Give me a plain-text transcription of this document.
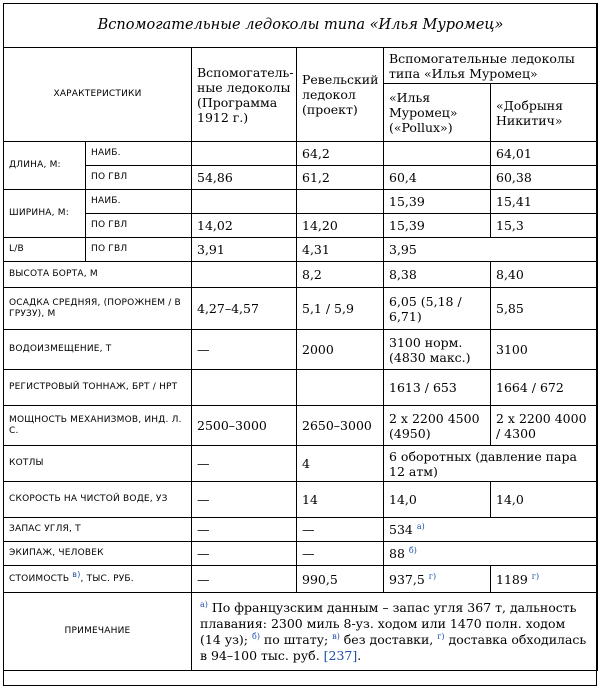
Вспомогательные ледоколы типа «Илья Муромец»					
ХАРАКТЕРИСТИКИ		Вспомогатель-ные ледоколы (Программа 1912 г.)	Ревельский ледокол (проект)	Вспомогательные ледоколы типа «Илья Муромец»	
				«Илья Муромец» («Pollux»)	«Добрыня Никитич»
ДЛИНА, М:	НАИБ.		64,2		64,01
	ПО ГВЛ	54,86	61,2	60,4	60,38
ШИРИНА, М:	НАИБ.			15,39	15,41
	ПО ГВЛ	14,02	14,20	15,39	15,3
L/B	ПО ГВЛ	3,91	4,31	3,95	
ВЫСОТА БОРТА, М			8,2	8,38	8,40
ОСАДКА СРЕДНЯЯ, (ПОРОЖНЕМ / В ГРУЗУ), М		4,27–4,57	5,1 / 5,9	6,05 (5,18 / 6,71)	5,85
ВОДОИЗМЕЩЕНИЕ, Т		—	2000	3100 норм. (4830 макс.)	3100
РЕГИСТРОВЫЙ ТОННАЖ, БРТ / НРТ				1613 / 653	1664 / 672
МОЩНОСТЬ МЕХАНИЗМОВ, ИНД. Л. С.		2500–3000	2650–3000	2 х 2200 4500 (4950)	2 х 2200 4000 / 4300
КОТЛЫ		—	4	6 оборотных (давление пара 12 атм)	
СКОРОСТЬ НА ЧИСТОЙ ВОДЕ, УЗ		—	14	14,0	14,0
ЗАПАС УГЛЯ, Т		—	—	534 $^{а)}$
ЭКИПАЖ, ЧЕЛОВЕК		—	—	88 $^{б)}$
СТОИМОСТЬ $^{в)}$, ТЫС. РУБ.		—	990,5	937,5 $^{г)}$	1189 $^{г)}$
ПРИМЕЧАНИЕ		$^{а)}$ По французским данным – запас угля 367 т, дальность плавания: 2300 миль 8-уз. ходом или 1470 полн. ходом (14 уз); $^{б)}$ по штату; $^{в)}$ без доставки, $^{г)}$ доставка обходилась в 94–100 тыс. руб. [237].			
